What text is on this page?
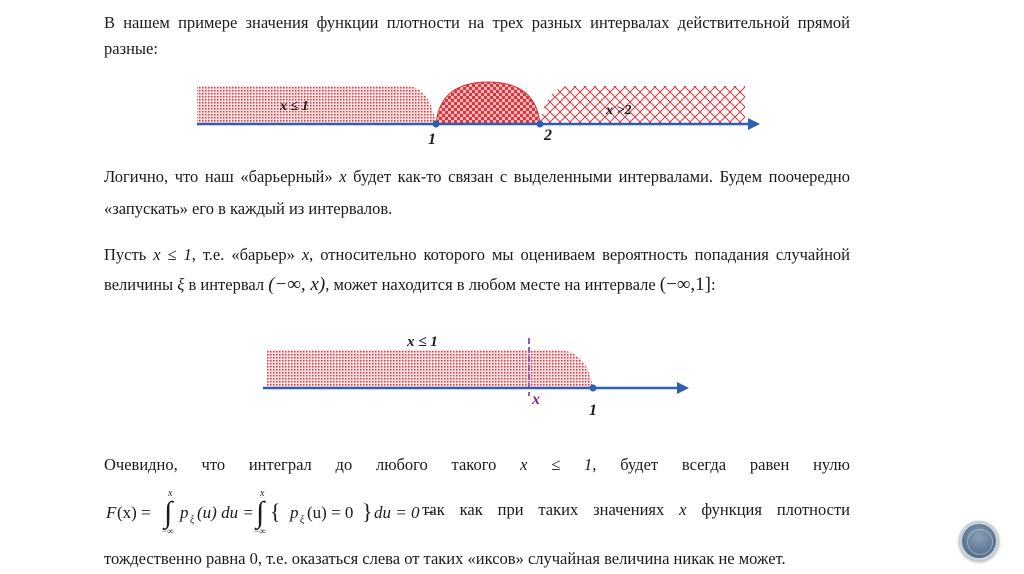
В нашем примере значения функции плотности на трех разных интервалах действительной прямой разные:
x ≤ 1	x >2
1	2
Логично, что наш «барьерный» x будет как-то связан с выделенными интервалами. Будем поочередно «запускать» его в каждый из интервалов.
Пусть x ≤ 1, т.е. «барьер» x, относительно которого мы оцениваем вероятность попадания случайной величины ξ в интервал (−∞, x), может находится в любом месте на интервале (−∞,1]:
x ≤ 1
x
1
Очевидно, что интеграл до любого такого x ≤ 1, будет всегда равен нулю
F (x) = ∫
x
−∞
p ξ (u) du = ∫
x
−∞
{ p ξ (u) = 0 } du = 0 −
так как при таких значениях x функция плотности
тождественно равна 0, т.е. оказаться слева от таких «иксов» случайная величина никак не может.
